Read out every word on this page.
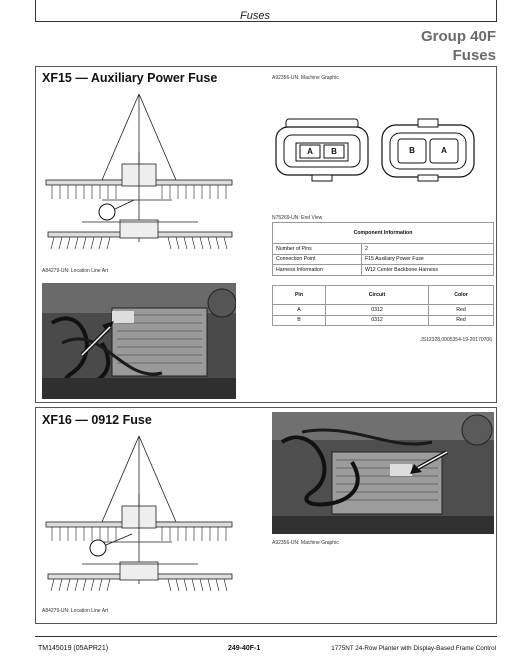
Fuses
Group 40F
Fuses
XF15 — Auxiliary Power Fuse
A84279-UN: Location Line Art
A92356-UN: Machine Graphic
A	B	B	A
N75269-UN: End View
Component Information	
Number of Pins	2
Connection Point	F15 Auxiliary Power Fuse
Harness Information	W12 Center Backbone Harness
Pin	Circuit	Color
A	0312	Red
B	0312	Red
JS12328,0005354-19-20170706
XF16 — 0912 Fuse
A84279-UN: Location Line Art
A92356-UN: Machine Graphic
TM145019 (05APR21)	249-40F-1	1775NT 24-Row Planter with Display-Based Frame Control
